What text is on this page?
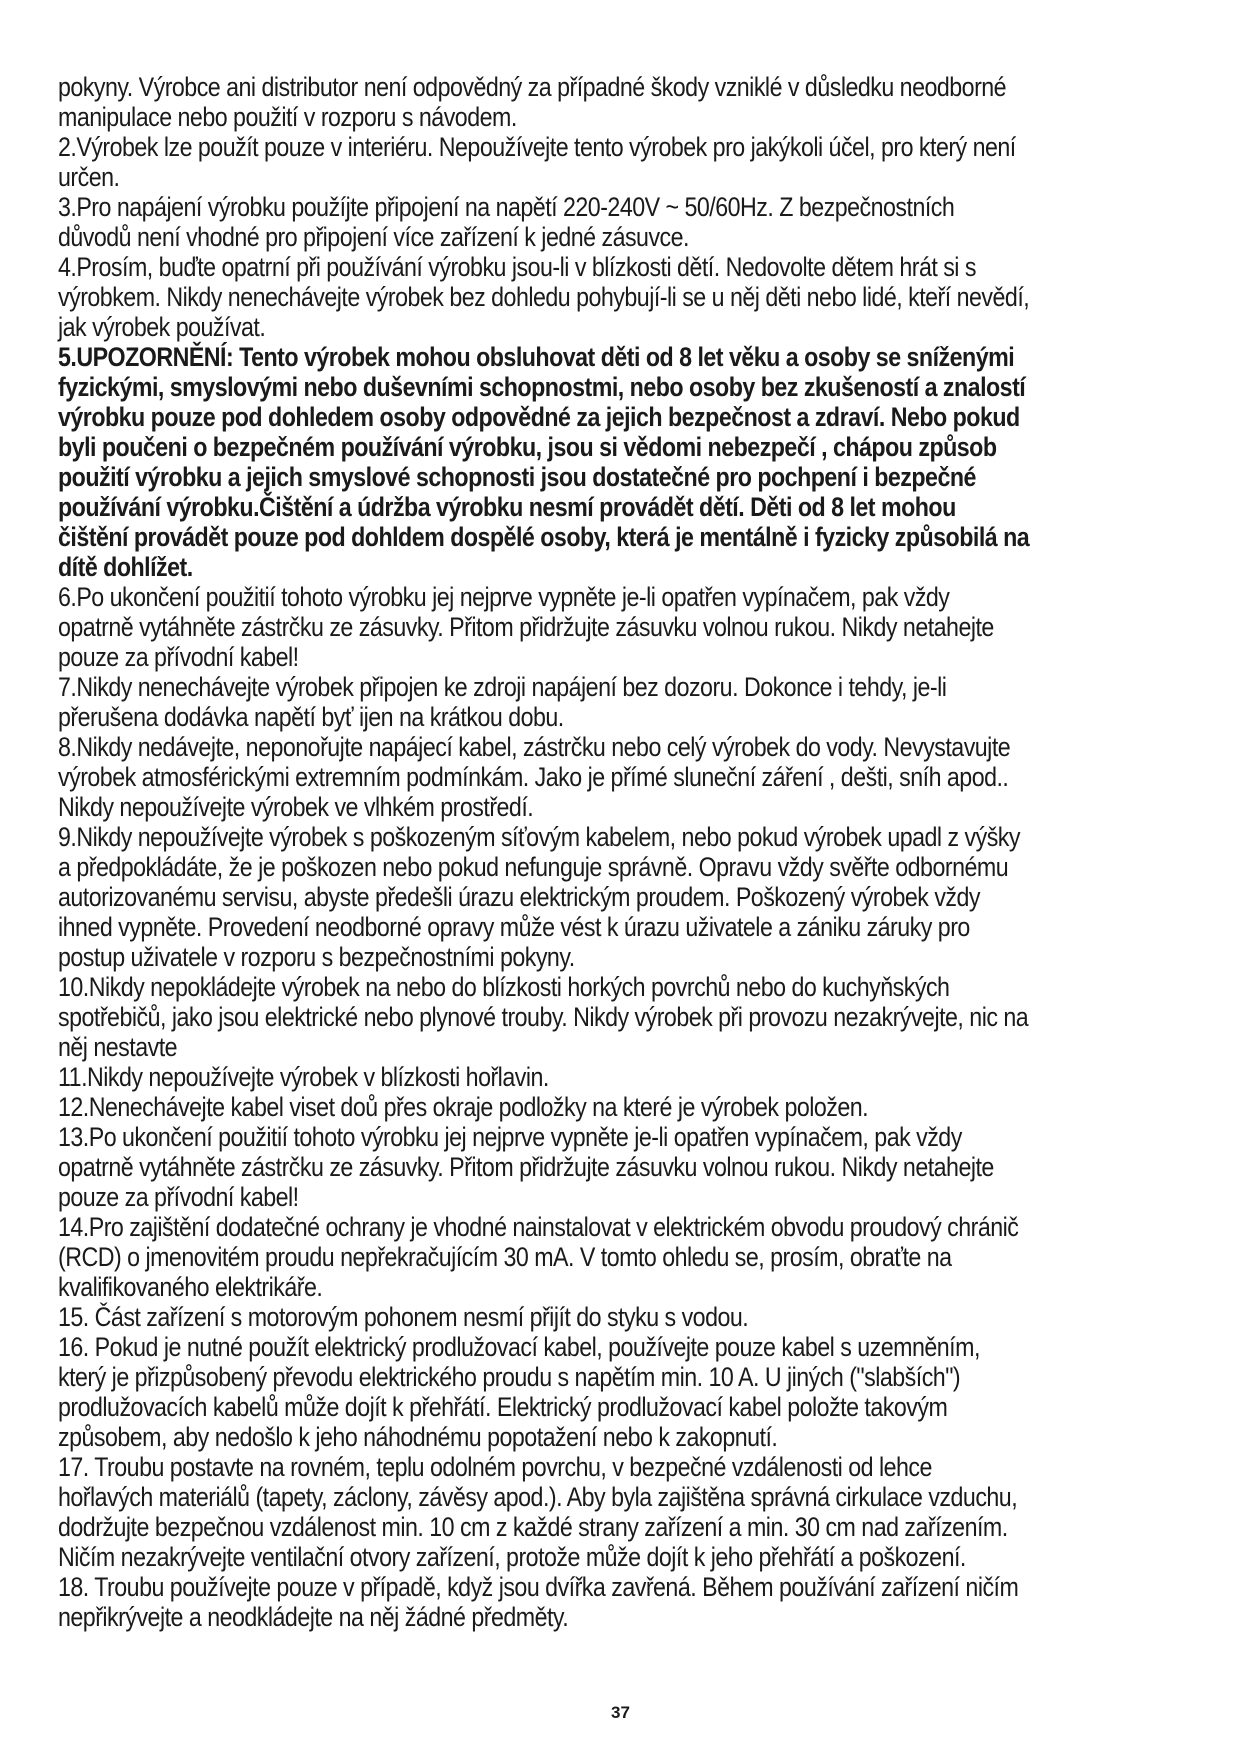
pokyny. Výrobce ani distributor není odpovědný za případné škody vzniklé v důsledku neodborné manipulace nebo použití v rozporu s návodem.

2.Výrobek lze použít pouze v interiéru. Nepoužívejte tento výrobek pro jakýkoli účel, pro který není určen.

3.Pro napájení výrobku použíjte připojení na napětí 220-240V ~ 50/60Hz. Z bezpečnostních důvodů není vhodné pro připojení více zařízení k jedné zásuvce.

4.Prosím, buďte opatrní při používání výrobku jsou-li v blízkosti dětí. Nedovolte dětem hrát si s výrobkem. Nikdy nenechávejte výrobek bez dohledu pohybují-li se u něj děti nebo lidé, kteří nevědí, jak výrobek používat.

5.UPOZORNĚNÍ: Tento výrobek mohou obsluhovat děti od 8 let věku a osoby se sníženými fyzickými, smyslovými nebo duševními schopnostmi, nebo osoby bez zkušeností a znalostí výrobku pouze pod dohledem osoby odpovědné za jejich bezpečnost a zdraví. Nebo pokud byli poučeni o bezpečném používání výrobku, jsou si vědomi nebezpečí , chápou způsob použití výrobku a jejich smyslové schopnosti jsou dostatečné pro pochpení i bezpečné používání výrobku.Čištění a údržba výrobku nesmí provádět dětí. Děti od 8 let mohou čištění provádět pouze pod dohldem dospělé osoby, která je mentálně i fyzicky způsobilá na dítě dohlížet.

6.Po ukončení použitií tohoto výrobku jej nejprve vypněte je-li opatřen vypínačem, pak vždy opatrně vytáhněte zástrčku ze zásuvky. Přitom přidržujte zásuvku volnou rukou. Nikdy netahejte pouze za přívodní kabel!

7.Nikdy nenechávejte výrobek připojen ke zdroji napájení bez dozoru. Dokonce i tehdy, je-li přerušena dodávka napětí byť ijen na krátkou dobu.

8.Nikdy nedávejte, neponořujte napájecí kabel, zástrčku nebo celý výrobek do vody. Nevystavujte výrobek atmosférickými extremním podmínkám. Jako je přímé sluneční záření , dešti, sníh apod.. Nikdy nepoužívejte výrobek ve vlhkém prostředí.

9.Nikdy nepoužívejte výrobek s poškozeným síťovým kabelem, nebo pokud výrobek upadl z výšky a předpokládáte, že je poškozen nebo pokud nefunguje správně. Opravu vždy svěřte odbornému autorizovanému servisu, abyste předešli úrazu elektrickým proudem. Poškozený výrobek vždy ihned vypněte. Provedení neodborné opravy může vést k úrazu uživatele a zániku záruky pro postup uživatele v rozporu s bezpečnostními pokyny.

10.Nikdy nepokládejte výrobek na nebo do blízkosti horkých povrchů nebo do kuchyňských spotřebičů, jako jsou elektrické nebo plynové trouby. Nikdy výrobek při provozu nezakrývejte, nic na něj nestavte

11.Nikdy nepoužívejte výrobek v blízkosti hořlavin.

12.Nenechávejte kabel viset doů přes okraje podložky na které je výrobek položen.

13.Po ukončení použitií tohoto výrobku jej nejprve vypněte je-li opatřen vypínačem, pak vždy opatrně vytáhněte zástrčku ze zásuvky. Přitom přidržujte zásuvku volnou rukou. Nikdy netahejte pouze za přívodní kabel!

14.Pro zajištění dodatečné ochrany je vhodné nainstalovat v elektrickém obvodu proudový chránič (RCD) o jmenovitém proudu nepřekračujícím 30 mA. V tomto ohledu se, prosím, obraťte na kvalifikovaného elektrikáře.

15. Část zařízení s motorovým pohonem nesmí přijít do styku s vodou.

16. Pokud je nutné použít elektrický prodlužovací kabel, používejte pouze kabel s uzemněním, který je přizpůsobený převodu elektrického proudu s napětím min. 10 A. U jiných ("slabších") prodlužovacích kabelů může dojít k přehřátí. Elektrický prodlužovací kabel položte takovým způsobem, aby nedošlo k jeho náhodnému popotažení nebo k zakopnutí.

17. Troubu postavte na rovném, teplu odolném povrchu, v bezpečné vzdálenosti od lehce hořlavých materiálů (tapety, záclony, závěsy apod.). Aby byla zajištěna správná cirkulace vzduchu, dodržujte bezpečnou vzdálenost min. 10 cm z každé strany zařízení a min. 30 cm nad zařízením. Ničím nezakrývejte ventilační otvory zařízení, protože může dojít k jeho přehřátí a poškození.

18. Troubu používejte pouze v případě, když jsou dvířka zavřená. Během používání zařízení ničím nepřikrývejte a neodkládejte na něj žádné předměty.

37
